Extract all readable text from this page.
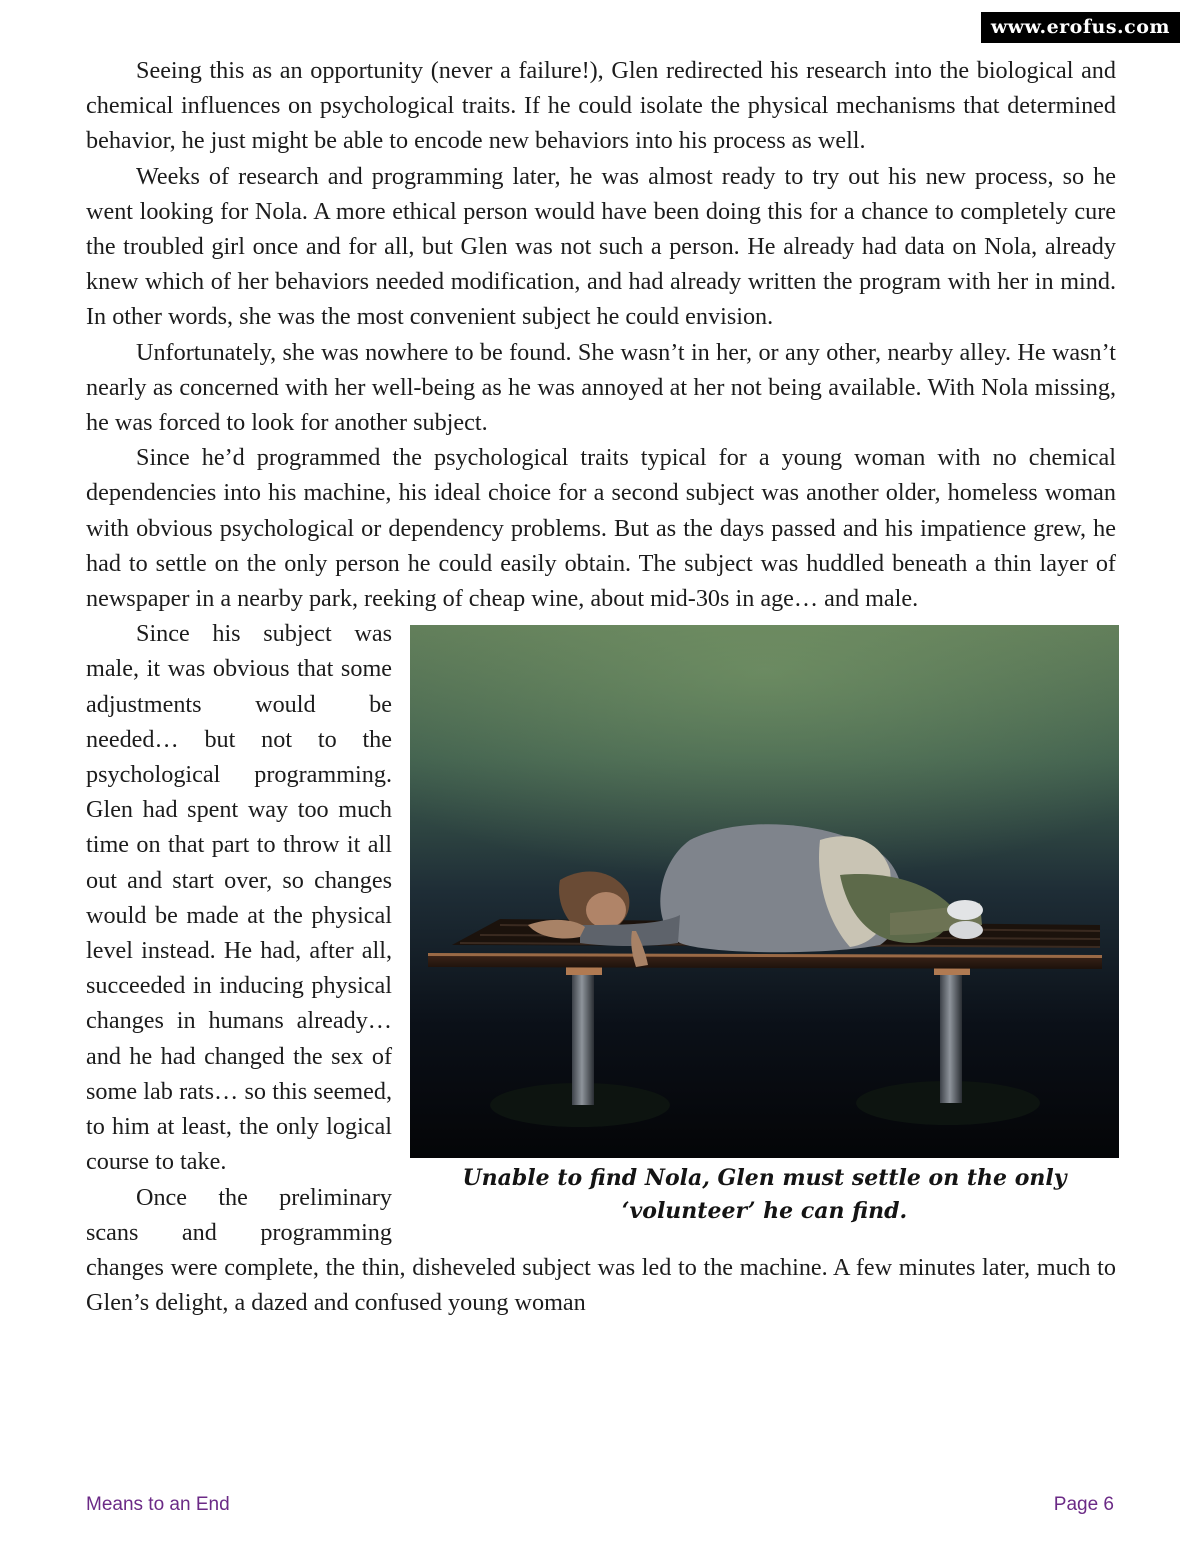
www.erofus.com

Seeing this as an opportunity (never a failure!), Glen redirected his research into the biological and chemical influences on psychological traits. If he could isolate the physical mechanisms that determined behavior, he just might be able to encode new behaviors into his process as well.

Weeks of research and programming later, he was almost ready to try out his new process, so he went looking for Nola. A more ethical person would have been doing this for a chance to completely cure the troubled girl once and for all, but Glen was not such a person. He already had data on Nola, already knew which of her behaviors needed modification, and had already written the program with her in mind. In other words, she was the most convenient subject he could envision.

Unfortunately, she was nowhere to be found. She wasn’t in her, or any other, nearby alley. He wasn’t nearly as concerned with her well-being as he was annoyed at her not being available. With Nola missing, he was forced to look for another subject.

Since he’d programmed the psychological traits typical for a young woman with no chemical dependencies into his machine, his ideal choice for a second subject was another older, homeless woman with obvious psychological or dependency problems. But as the days passed and his impatience grew, he had to settle on the only person he could easily obtain. The subject was huddled beneath a thin layer of newspaper in a nearby park, reeking of cheap wine, about mid-30s in age… and male.

Unable to find Nola, Glen must settle on the only ‘volunteer’ he can find.

Since his subject was male, it was obvious that some adjustments would be needed… but not to the psychological programming. Glen had spent way too much time on that part to throw it all out and start over, so changes would be made at the physical level instead. He had, after all, succeeded in inducing physical changes in humans already… and he had changed the sex of some lab rats… so this seemed, to him at least, the only logical course to take.

Once the preliminary scans and programming changes were complete, the thin, disheveled subject was led to the machine. A few minutes later, much to Glen’s delight, a dazed and confused young woman

Means to an End	Page 6
